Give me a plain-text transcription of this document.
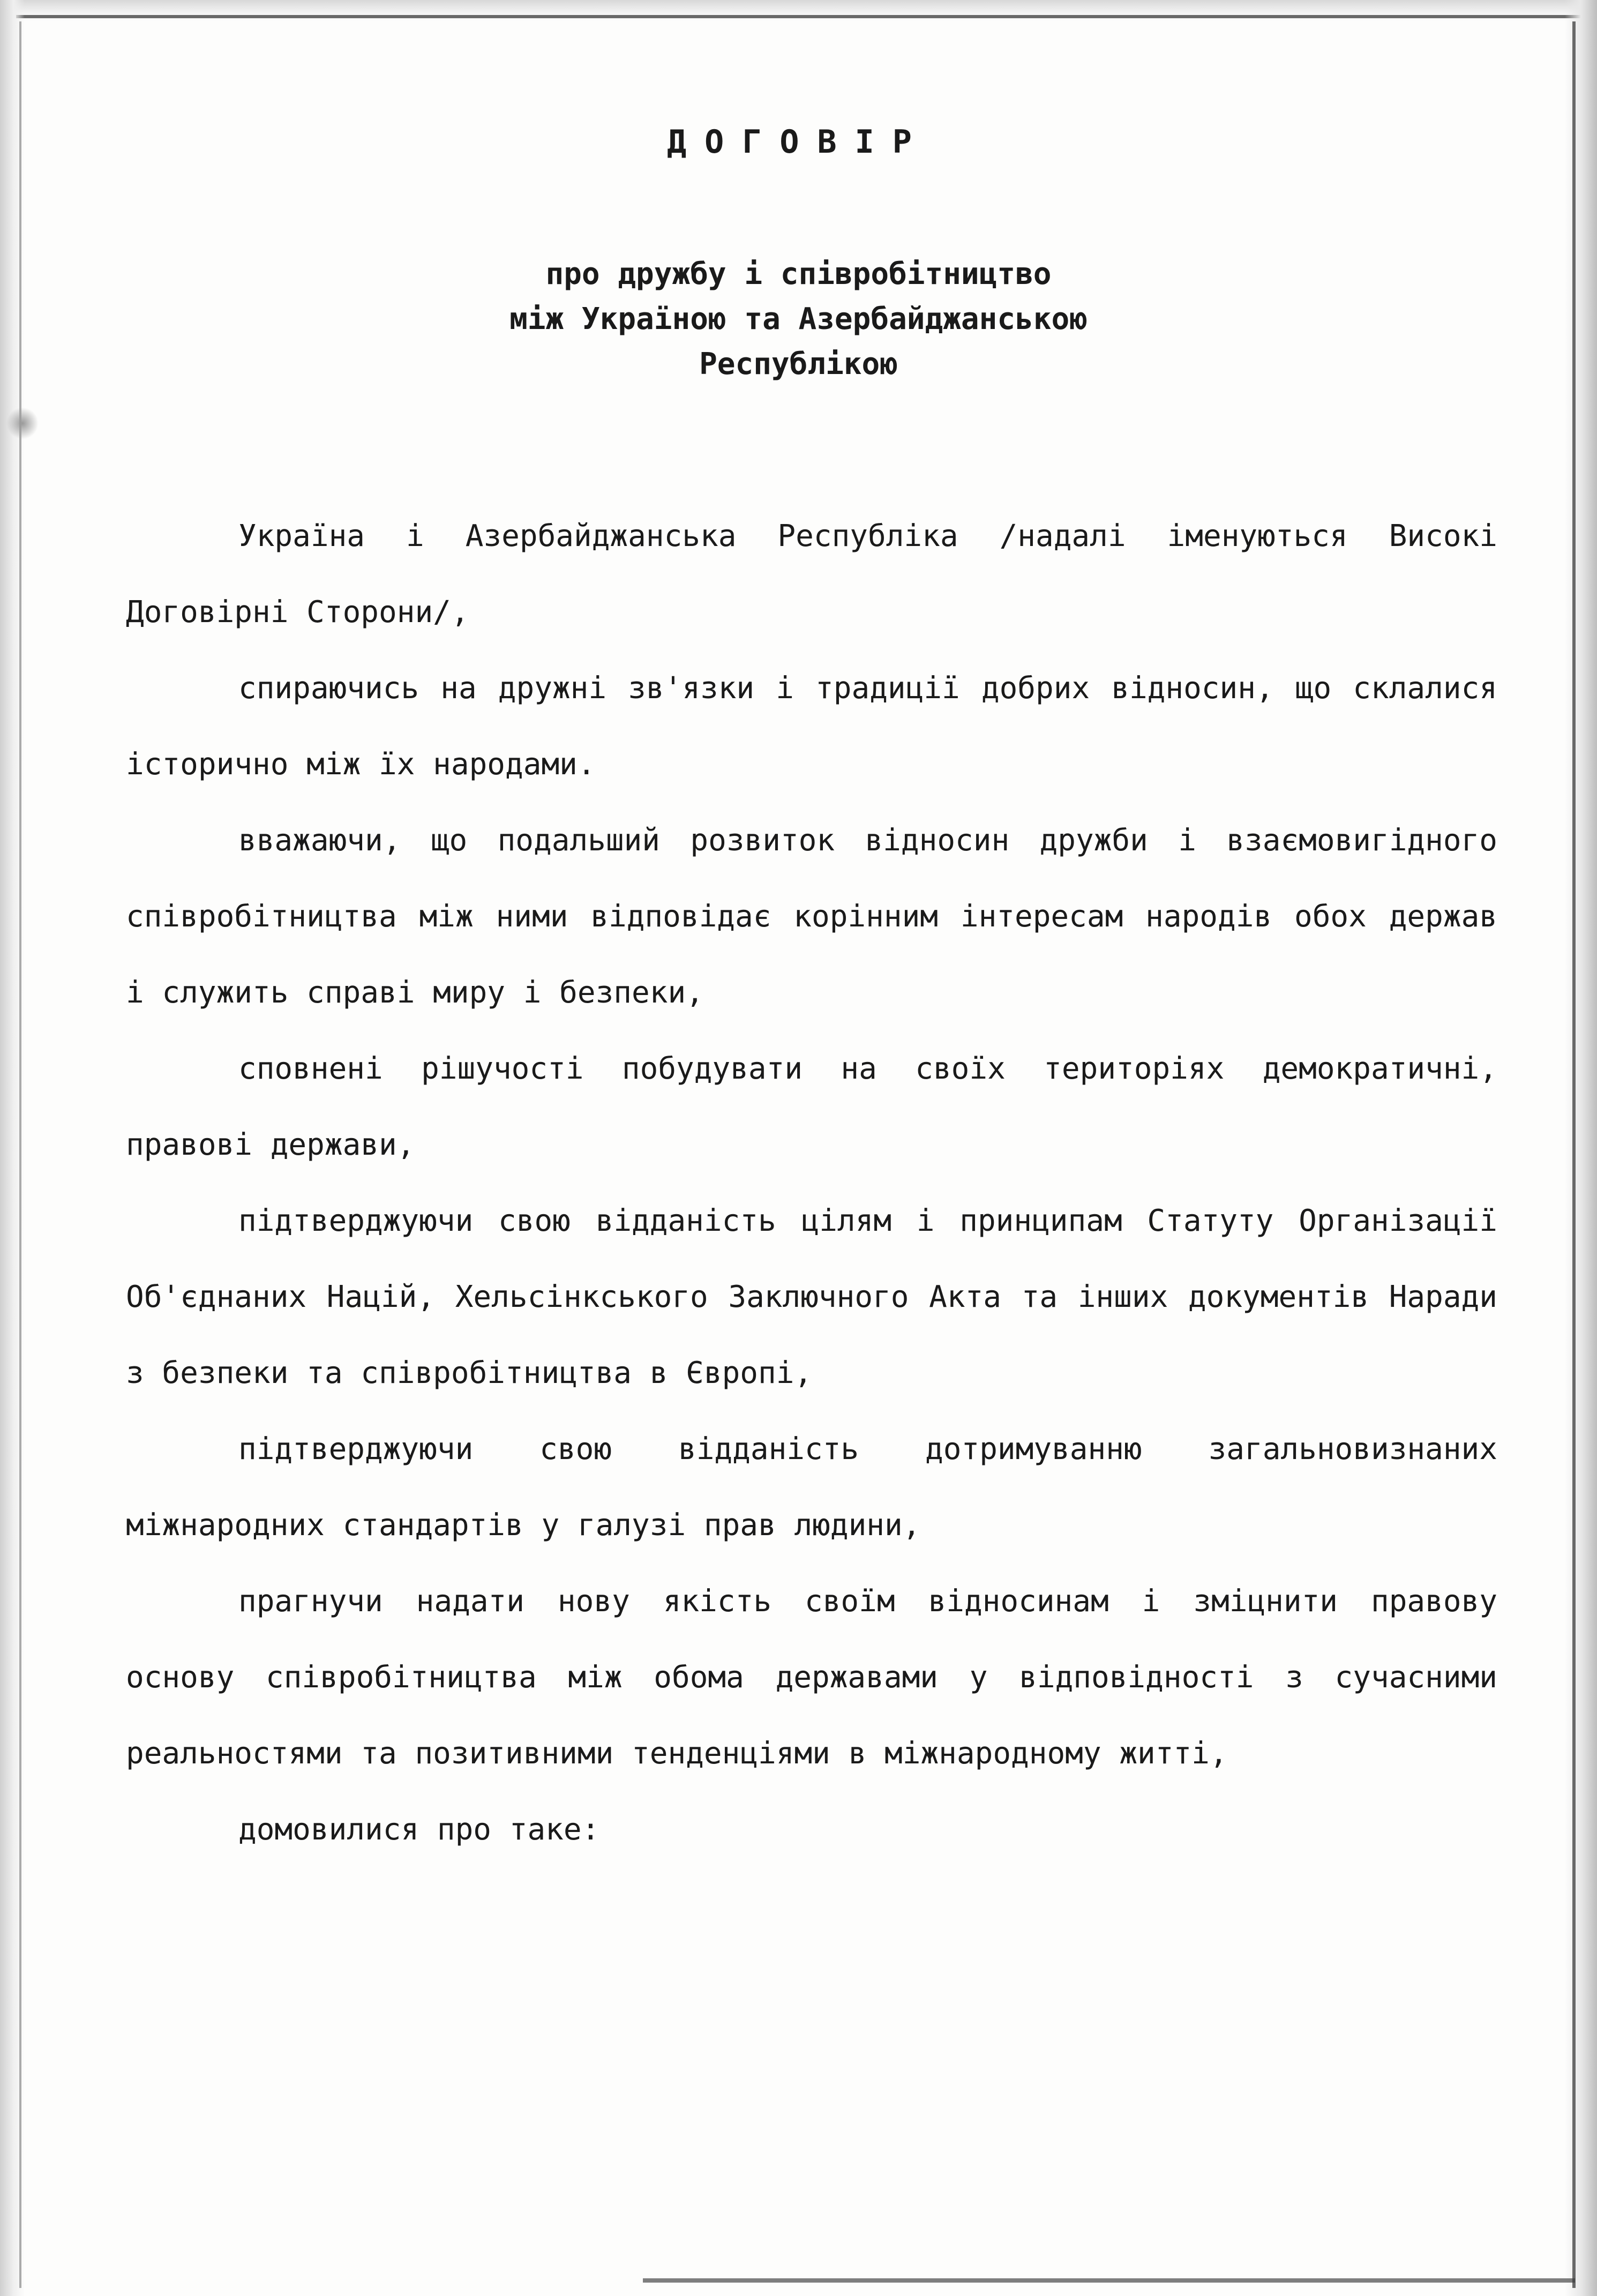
ДОГОВІР
про дружбу і співробітництво
між Україною та Азербайджанською
Республікою

Україна і Азербайджанська Республіка /надалі іменуються Високі Договірні Сторони/,

спираючись на дружні зв'язки і традиції добрих відносин, що склалися історично між їх народами.

вважаючи, що подальший розвиток відносин дружби і взаємовигідного співробітництва між ними відповідає корінним інтересам народів обох держав і служить справі миру і безпеки,

сповнені рішучості побудувати на своїх територіях демократичні, правові держави,

підтверджуючи свою відданість цілям і принципам Статуту Організації Об'єднаних Націй, Хельсінкського Заключного Акта та інших документів Наради з безпеки та співробітництва в Європі,

підтверджуючи свою відданість дотримуванню загальновизнаних міжнародних стандартів у галузі прав людини,

прагнучи надати нову якість своїм відносинам і зміцнити правову основу співробітництва між обома державами у відповідності з сучасними реальностями та позитивними тенденціями в міжнародному житті,

домовилися про таке:
